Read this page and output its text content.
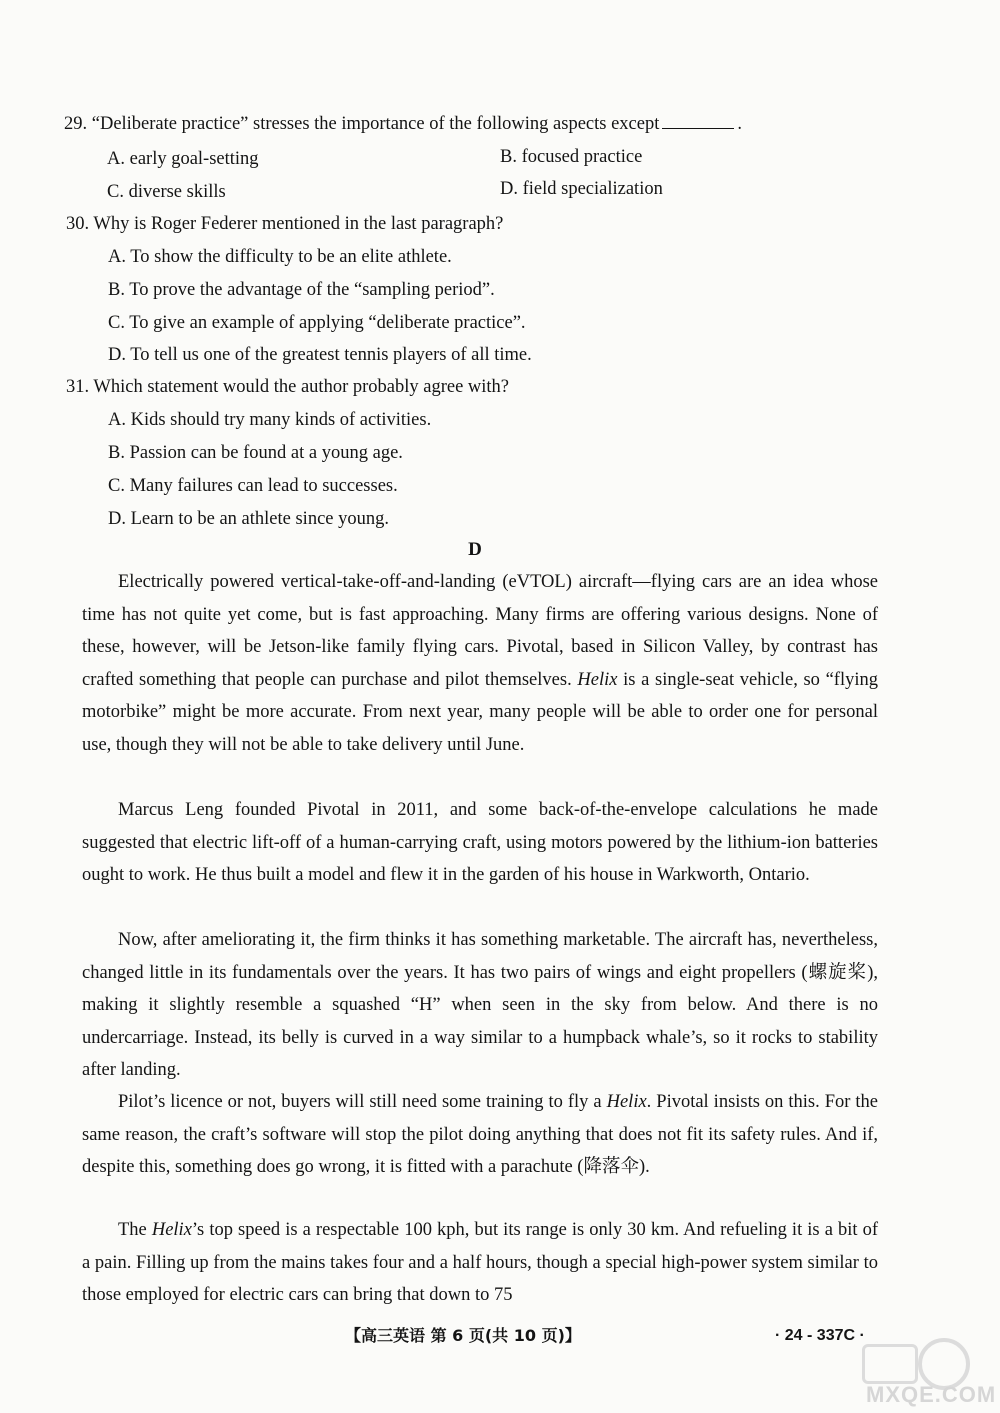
29. “Deliberate practice” stresses the importance of the following aspects except	.
A. early goal-setting	B. focused practice
C. diverse skills	D. field specialization
30. Why is Roger Federer mentioned in the last paragraph?
A. To show the difficulty to be an elite athlete.
B. To prove the advantage of the “sampling period”.
C. To give an example of applying “deliberate practice”.
D. To tell us one of the greatest tennis players of all time.
31. Which statement would the author probably agree with?
A. Kids should try many kinds of activities.
B. Passion can be found at a young age.
C. Many failures can lead to successes.
D. Learn to be an athlete since young.
D

Electrically powered vertical-take-off-and-landing (eVTOL) aircraft—flying cars are an idea whose time has not quite yet come, but is fast approaching. Many firms are offering various designs. None of these, however, will be Jetson-like family flying cars. Pivotal, based in Silicon Valley, by contrast has crafted something that people can purchase and pilot themselves. Helix is a single-seat vehicle, so “flying motorbike” might be more accurate. From next year, many people will be able to order one for personal use, though they will not be able to take delivery until June.

Marcus Leng founded Pivotal in 2011, and some back-of-the-envelope calculations he made suggested that electric lift-off of a human-carrying craft, using motors powered by the lithium-ion batteries ought to work. He thus built a model and flew it in the garden of his house in Warkworth, Ontario.

Now, after ameliorating it, the firm thinks it has something marketable. The aircraft has, nevertheless, changed little in its fundamentals over the years. It has two pairs of wings and eight propellers (螺旋桨), making it slightly resemble a squashed “H” when seen in the sky from below. And there is no undercarriage. Instead, its belly is curved in a way similar to a humpback whale’s, so it rocks to stability after landing.

Pilot’s licence or not, buyers will still need some training to fly a Helix. Pivotal insists on this. For the same reason, the craft’s software will stop the pilot doing anything that does not fit its safety rules. And if, despite this, something does go wrong, it is fitted with a parachute (降落伞).

The Helix’s top speed is a respectable 100 kph, but its range is only 30 km. And refueling it is a bit of a pain. Filling up from the mains takes four and a half hours, though a special high-power system similar to those employed for electric cars can bring that down to 75

【高三英语 第 6 页(共 10 页)】	· 24 - 337C ·
MXQE.COM
